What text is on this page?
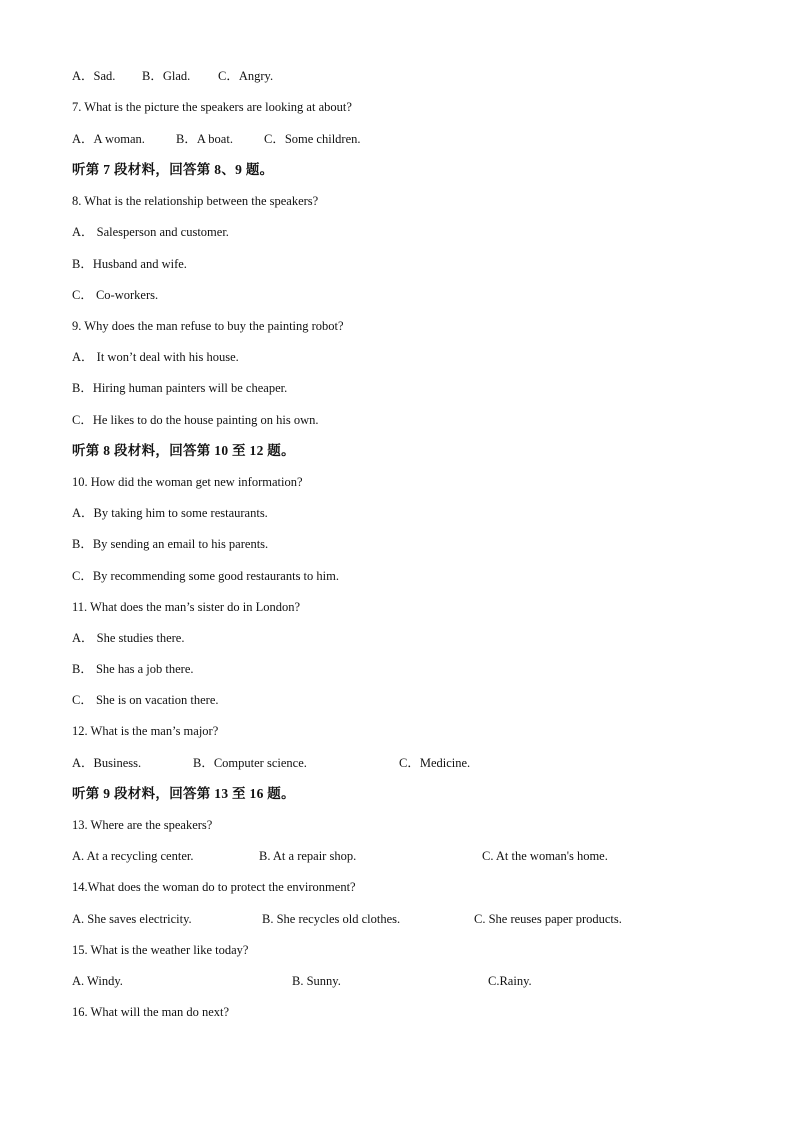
A．Sad. B．Glad. C．Angry.
7. What is the picture the speakers are looking at about?
A．A woman. B．A boat. C．Some children.
听第 7 段材料，回答第 8、9 题。
8. What is the relationship between the speakers?
A． Salesperson and customer.
B．Husband and wife.
C． Co-workers.
9. Why does the man refuse to buy the painting robot?
A． It won’t deal with his house.
B．Hiring human painters will be cheaper.
C．He likes to do the house painting on his own.
听第 8 段材料，回答第 10 至 12 题。
10. How did the woman get new information?
A．By taking him to some restaurants.
B．By sending an email to his parents.
C．By recommending some good restaurants to him.
11. What does the man’s sister do in London?
A． She studies there.
B． She has a job there.
C． She is on vacation there.
12. What is the man’s major?
A．Business.	B．Computer science.	C．Medicine.
听第 9 段材料，回答第 13 至 16 题。
13. Where are the speakers?
A. At a recycling center.	B. At a repair shop.	C. At the woman's home.
14.What does the woman do to protect the environment?
A. She saves electricity.	B. She recycles old clothes.	C. She reuses paper products.
15. What is the weather like today?
A. Windy.	B. Sunny.	C.Rainy.
16. What will the man do next?
